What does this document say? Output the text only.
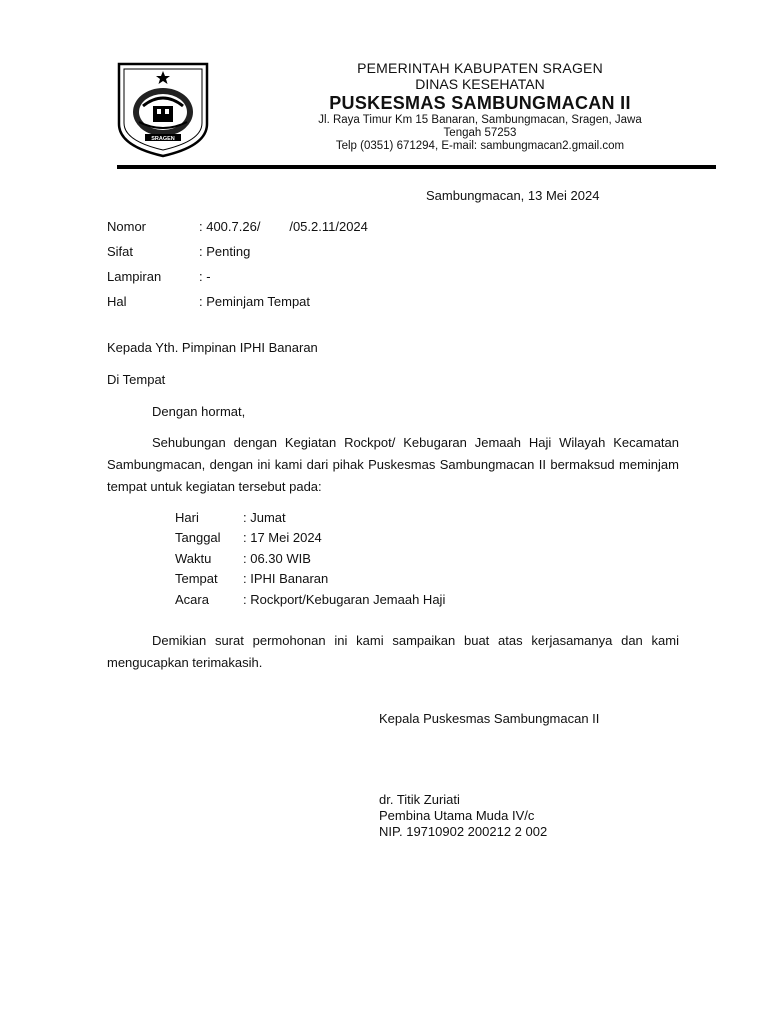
SRAGEN
PEMERINTAH KABUPATEN SRAGEN
DINAS KESEHATAN
PUSKESMAS SAMBUNGMACAN II
Jl. Raya Timur Km 15 Banaran, Sambungmacan, Sragen, Jawa
Tengah 57253
Telp (0351) 671294, E-mail: sambungmacan2.gmail.com
Sambungmacan, 13 Mei 2024
Nomor	: 400.7.26/        /05.2.11/2024
Sifat	: Penting
Lampiran	: -
Hal	: Peminjam Tempat
Kepada Yth. Pimpinan IPHI Banaran
Di Tempat
Dengan hormat,
Sehubungan dengan Kegiatan Rockpot/ Kebugaran Jemaah Haji Wilayah Kecamatan Sambungmacan, dengan ini kami dari pihak Puskesmas Sambungmacan II bermaksud meminjam tempat untuk kegiatan tersebut pada:
Hari	: Jumat
Tanggal	: 17 Mei 2024
Waktu	: 06.30 WIB
Tempat	: IPHI Banaran
Acara	: Rockport/Kebugaran Jemaah Haji
Demikian surat permohonan ini kami sampaikan buat atas kerjasamanya dan kami mengucapkan terimakasih.
Kepala Puskesmas Sambungmacan II
dr. Titik Zuriati
Pembina Utama Muda IV/c
NIP. 19710902 200212 2 002
